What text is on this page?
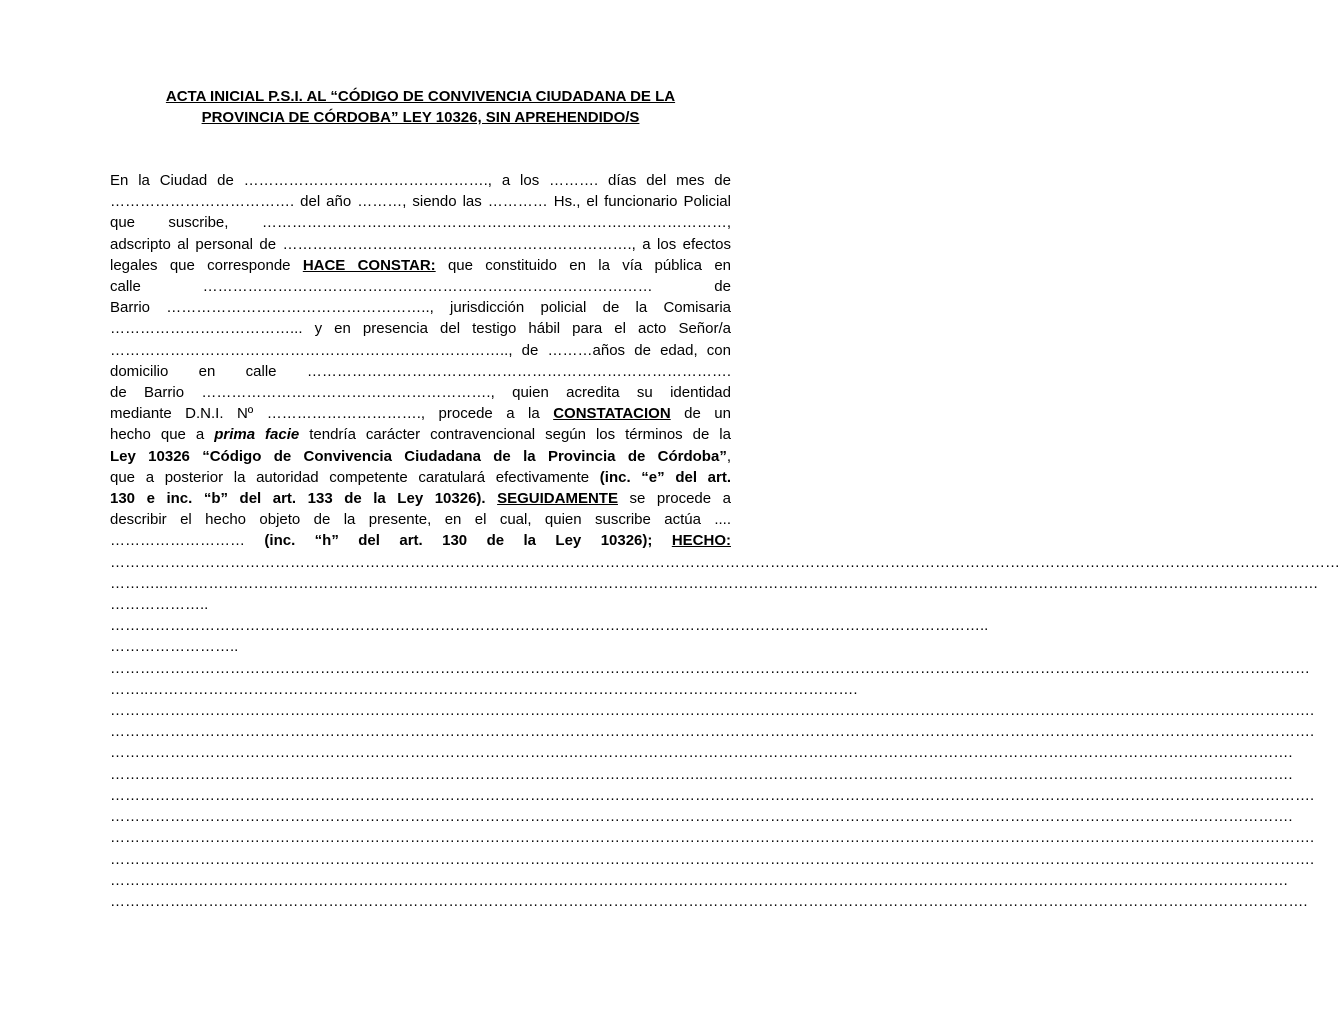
ACTA INICIAL P.S.I. AL “CÓDIGO DE CONVIVENCIA CIUDADANA DE LA
PROVINCIA DE CÓRDOBA” LEY 10326, SIN APREHENDIDO/S

En la Ciudad de …………………………………………., a los ………. días del mes de
………………………………. del año ………, siendo las ………… Hs., el funcionario Policial
que suscribe, …………………………………………………………………………………,
adscripto al personal de ……………………………………………………………., a los efectos
legales que corresponde HACE CONSTAR: que constituido en la vía pública en
calle ……………………………………………………………………………… de
Barrio …………………………………………….., jurisdicción policial de la Comisaria
………………………………... y en presencia del testigo hábil para el acto Señor/a
…………………………………………………………………….., de ………años de edad, con
domicilio en calle ………………………………………………………………………….
de Barrio …………………………………………………., quien acredita su identidad
mediante D.N.I. Nº …………………………., procede a la CONSTATACION de un
hecho que a prima facie tendría carácter contravencional según los términos de la
Ley 10326 “Código de Convivencia Ciudadana de la Provincia de Córdoba”,
que a posterior la autoridad competente caratulará efectivamente (inc. “e” del art.
130 e inc. “b” del art. 133 de la Ley 10326). SEGUIDAMENTE se procede a
describir el hecho objeto de la presente, en el cual, quien suscribe actúa ....
……………………… (inc. “h” del art. 130 de la Ley 10326); HECHO:
…………………………………………………………………………………………………………………………………………………………………………………………………………………………
………..……………………………………………………………………………………………………………………………………………………………………………………………………………
………………..
…………………………………………………………………………………………………………………………………………………………..
……………………..
……………………………………………………………………………………………………………………………………………………………………………………………………………………
……..…………………………………………………………………………………………………………………………….
…………………………………………………………………………………………………………………………………………………………………………………………………………………….
…………………………………………………………………………………………………………………………………………………………………………………………………………………….
………………………………………………………………………………..……………………………………………………………………………………………………………………………….
………………………………………………………………………………………………………..……………………………………………………………………………………………………….
…………………………………………………………………………………………………………………………………………………………………………………………………………………….
………………………………………………………………………………………………………………………………………………………………………………………………..……………….
…………………………………………………………………………………………………………………………………………………………………………………………………………………….
…………………………………………………………………………………………………………………………………………………………………………………………………………………….
…………..……………………………………………………………………………………………………………………………………………………………………………………………………
……………..…………………………………………………………………………………………………………………………………………………………………………………………………….
